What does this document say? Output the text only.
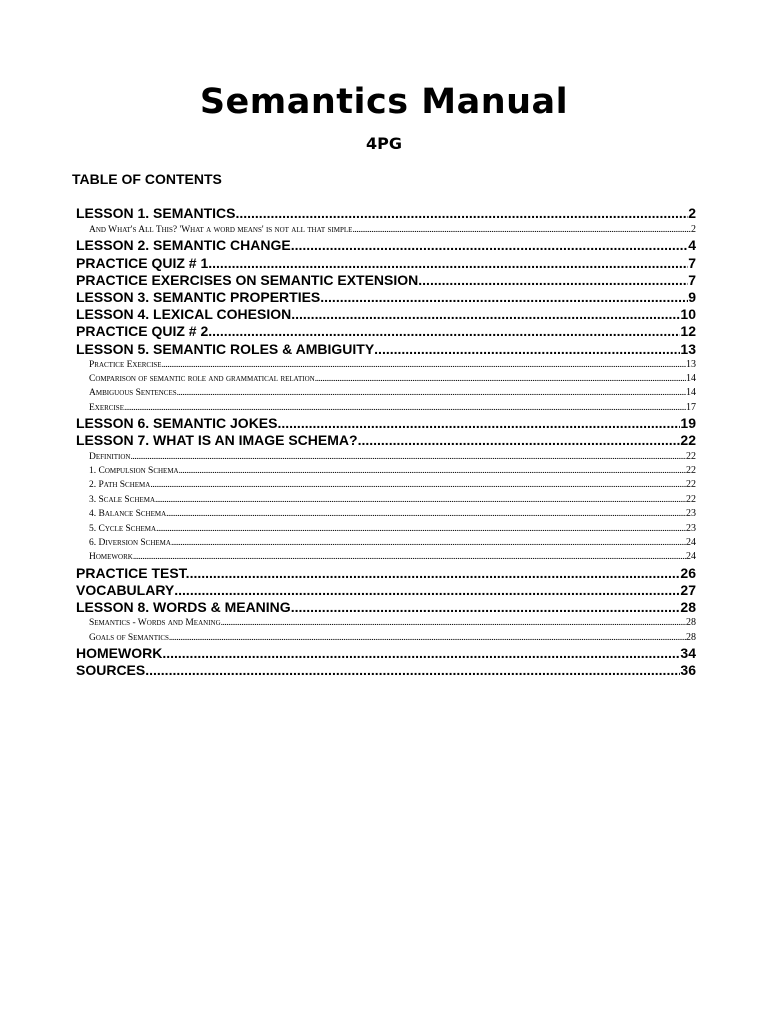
Semantics Manual
4PG
TABLE OF CONTENTS
LESSON 1. SEMANTICS .....	2
And What's All This? 'What a word means' is not all that simple .....	2
LESSON 2. SEMANTIC CHANGE .....	4
PRACTICE QUIZ # 1 .....	7
PRACTICE EXERCISES ON SEMANTIC EXTENSION .....	7
LESSON 3. SEMANTIC PROPERTIES .....	9
LESSON 4. LEXICAL COHESION. .....	10
PRACTICE QUIZ # 2 .....	12
LESSON 5. SEMANTIC ROLES & AMBIGUITY .....	13
Practice Exercise .....	13
Comparison of semantic role and grammatical relation .....	14
Ambiguous Sentences .....	14
Exercise .....	17
LESSON 6. SEMANTIC JOKES .....	19
LESSON 7. WHAT IS AN IMAGE SCHEMA? .....	22
Definition .....	22
1. Compulsion Schema .....	22
2. Path Schema .....	22
3. Scale Schema .....	22
4. Balance Schema .....	23
5. Cycle Schema .....	23
6. Diversion Schema .....	24
Homework .....	24
PRACTICE TEST. .....	26
VOCABULARY .....	27
LESSON 8. WORDS & MEANING .....	28
Semantics - Words and Meaning .....	28
Goals of Semantics .....	28
HOMEWORK .....	34
SOURCES .....	36
